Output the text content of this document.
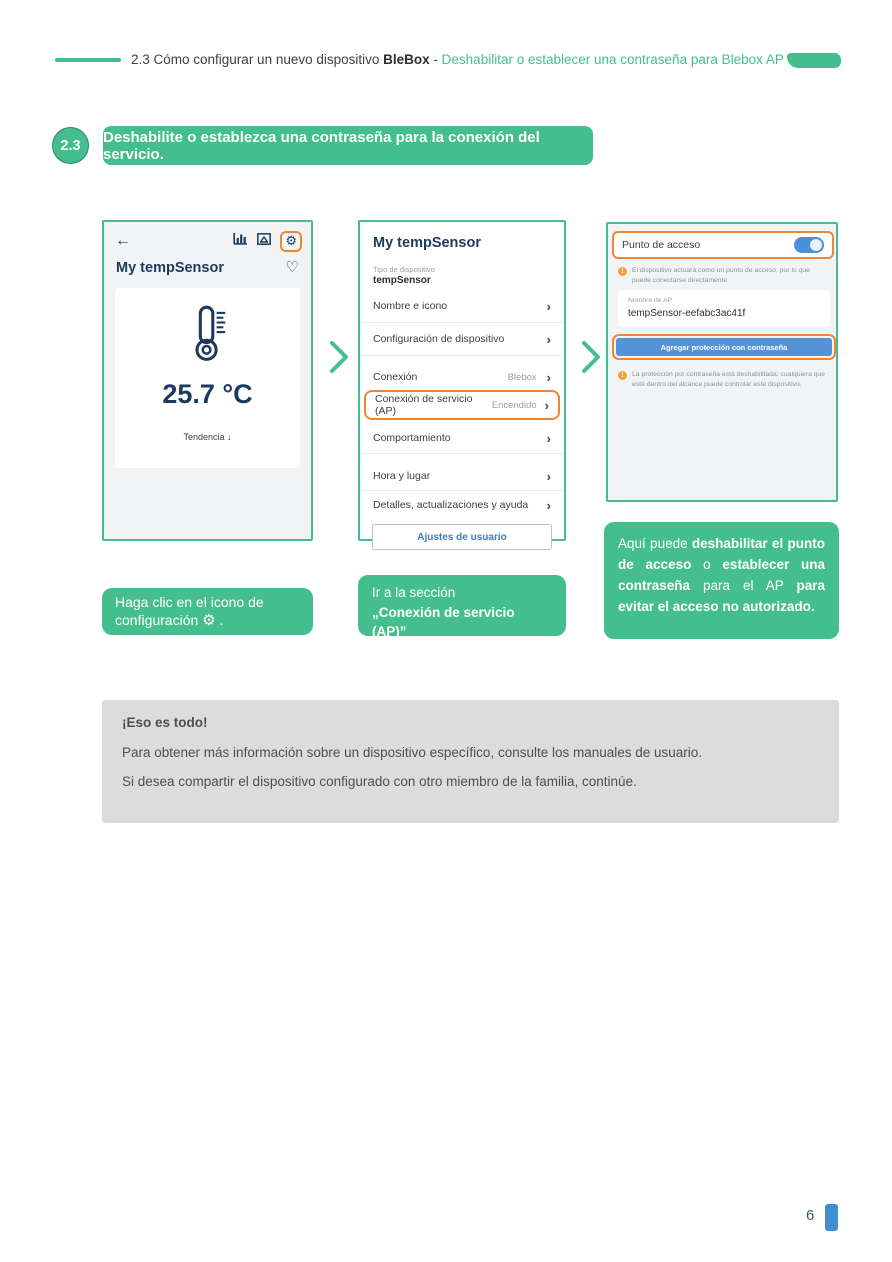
2.3 Cómo configurar un nuevo dispositivo BleBox - Deshabilitar o establecer una contraseña para Blebox AP
2.3	Deshabilite o establezca una contraseña para la conexión del servicio.
←	⚙
My tempSensor	♡
25.7 °C
Tendencia ↓
My tempSensor
Tipo de dispositivo
tempSensor
Nombre e icono	›
Configuración de dispositivo	›
Conexión	Blebox ›
Conexión de servicio (AP)	Encendido ›
Comportamiento	›
Hora y lugar	›
Detalles, actualizaciones y ayuda ›
Ajustes de usuario
Punto de acceso
!	El dispositivo actuará como un punto de acceso, por lo que puede conectarse directamente
Nombre de AP
tempSensor-eefabc3ac41f
Agregar protección con contraseña
!	La protección por contraseña está deshabilitada: cualquiera que esté dentro del alcance puede controlar este dispositivo.
Haga clic en el icono de
configuración ⚙ .
Ir a la sección
„Conexión de servicio (AP)”
Aquí puede deshabilitar el punto de acceso o establecer una contraseña para el AP para evitar el acceso no autorizado.
¡Eso es todo!
Para obtener más información sobre un dispositivo específico, consulte los manuales de usuario.
Si desea compartir el dispositivo configurado con otro miembro de la familia, continúe.
6
